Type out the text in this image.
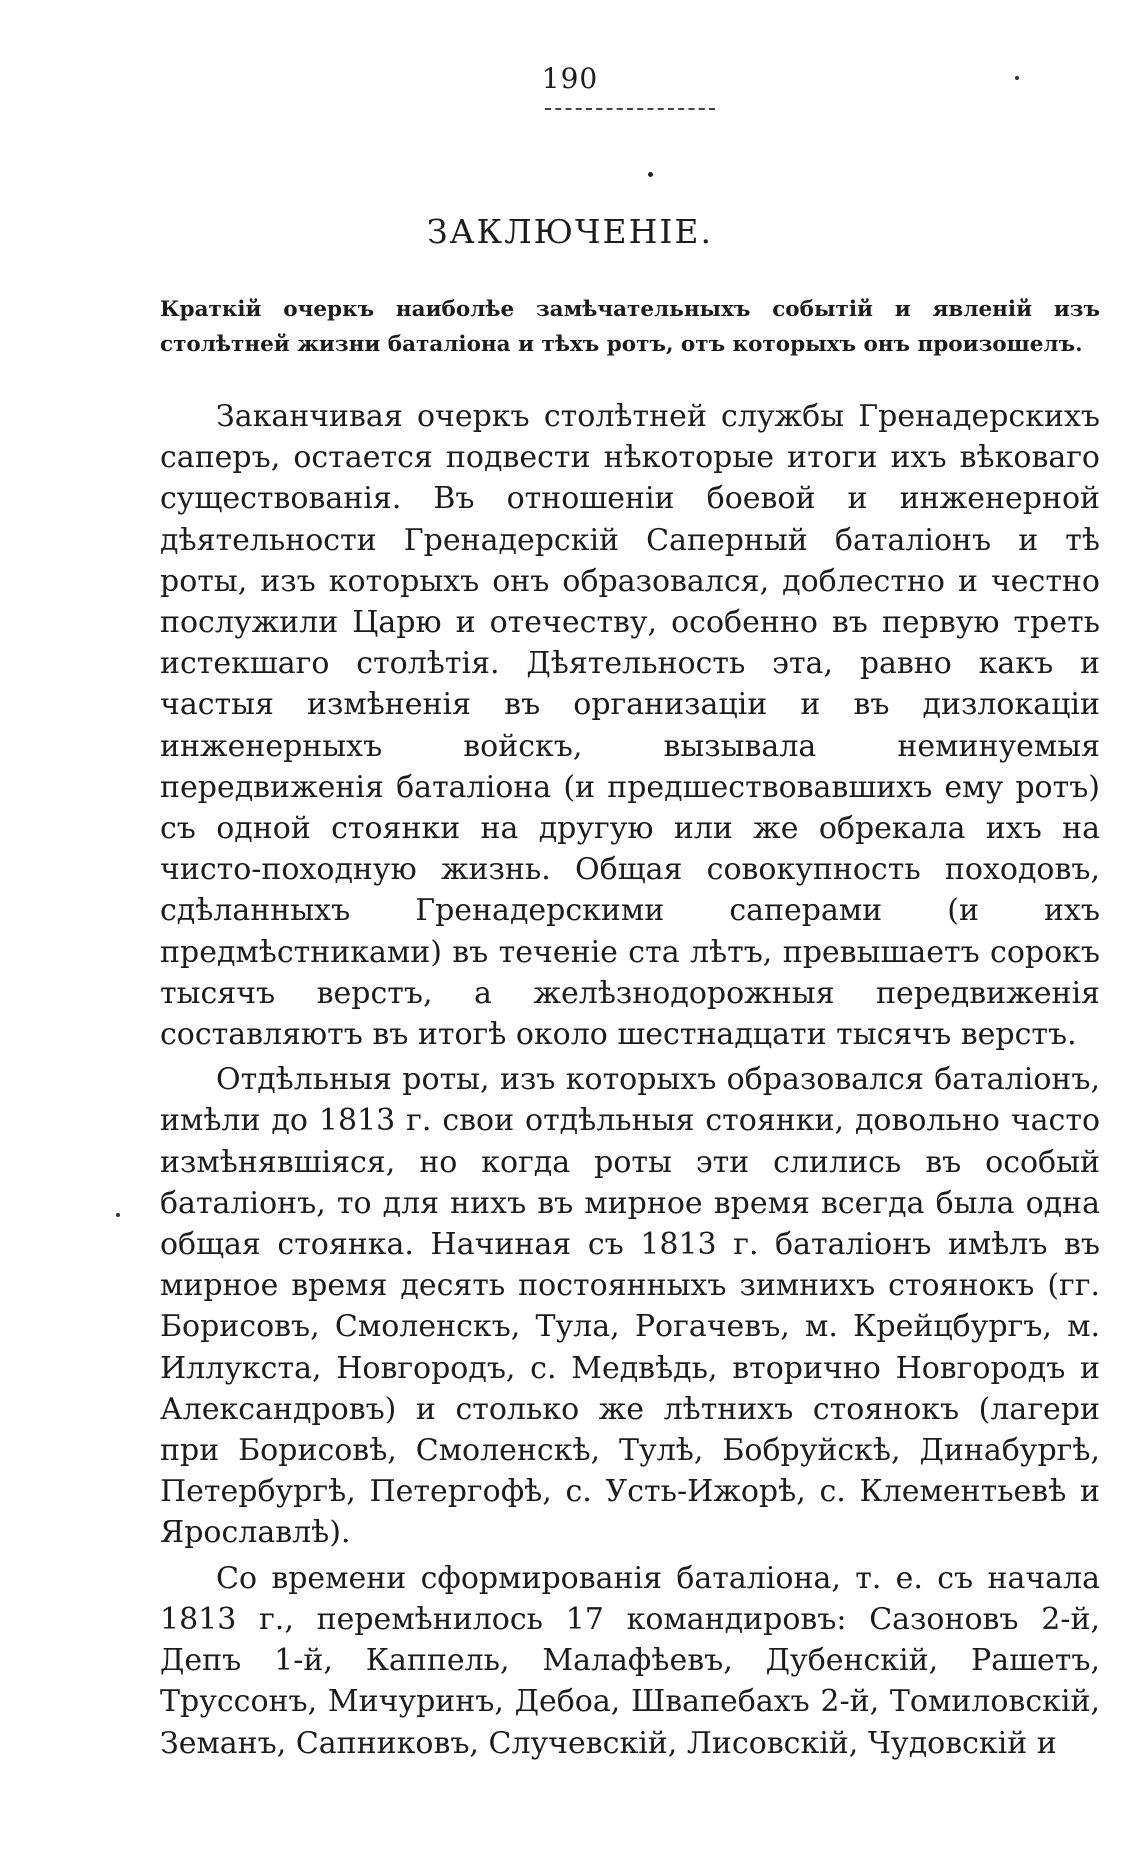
190
ЗАКЛЮЧЕНІЕ.
Краткій очеркъ наиболѣе замѣчательныхъ событій и явленій изъ столѣтней жизни баталіона и тѣхъ ротъ, отъ которыхъ онъ произошелъ.

Заканчивая очеркъ столѣтней службы Гренадерскихъ саперъ, остается подвести нѣкоторые итоги ихъ вѣковаго существованія. Въ отношеніи боевой и инженерной дѣятельности Гренадерскій Саперный баталіонъ и тѣ роты, изъ которыхъ онъ образовался, доблестно и честно послужили Царю и отечеству, особенно въ первую треть истекшаго столѣтія. Дѣятельность эта, равно какъ и частыя измѣненія въ организаціи и въ дизлокаціи инженерныхъ войскъ, вызывала неминуемыя передвиженія баталіона (и предшествовавшихъ ему ротъ) съ одной стоянки на другую или же обрекала ихъ на чисто-походную жизнь. Общая совокупность походовъ, сдѣланныхъ Гренадерскими саперами (и ихъ предмѣстниками) въ теченіе ста лѣтъ, превышаетъ сорокъ тысячъ верстъ, а желѣзнодорожныя передвиженія составляютъ въ итогѣ около шестнадцати тысячъ верстъ.

Отдѣльныя роты, изъ которыхъ образовался баталіонъ, имѣли до 1813 г. свои отдѣльныя стоянки, довольно часто измѣнявшіяся, но когда роты эти слились въ особый баталіонъ, то для нихъ въ мирное время всегда была одна общая стоянка. Начиная съ 1813 г. баталіонъ имѣлъ въ мирное время десять постоянныхъ зимнихъ стоянокъ (гг. Борисовъ, Смоленскъ, Тула, Рогачевъ, м. Крейцбургъ, м. Иллукста, Новгородъ, с. Медвѣдь, вторично Новгородъ и Александровъ) и столько же лѣтнихъ стоянокъ (лагери при Борисовѣ, Смоленскѣ, Тулѣ, Бобруйскѣ, Динабургѣ, Петербургѣ, Петергофѣ, с. Усть-Ижорѣ, с. Клементьевѣ и Ярославлѣ).

Со времени сформированія баталіона, т. е. съ начала 1813 г., перемѣнилось 17 командировъ: Сазоновъ 2-й, Депъ 1-й, Каппель, Малафѣевъ, Дубенскій, Рашетъ, Труссонъ, Мичуринъ, Дебоа, Швапебахъ 2-й, Томиловскій, Земанъ, Сапниковъ, Случевскій, Лисовскій, Чудовскій и
